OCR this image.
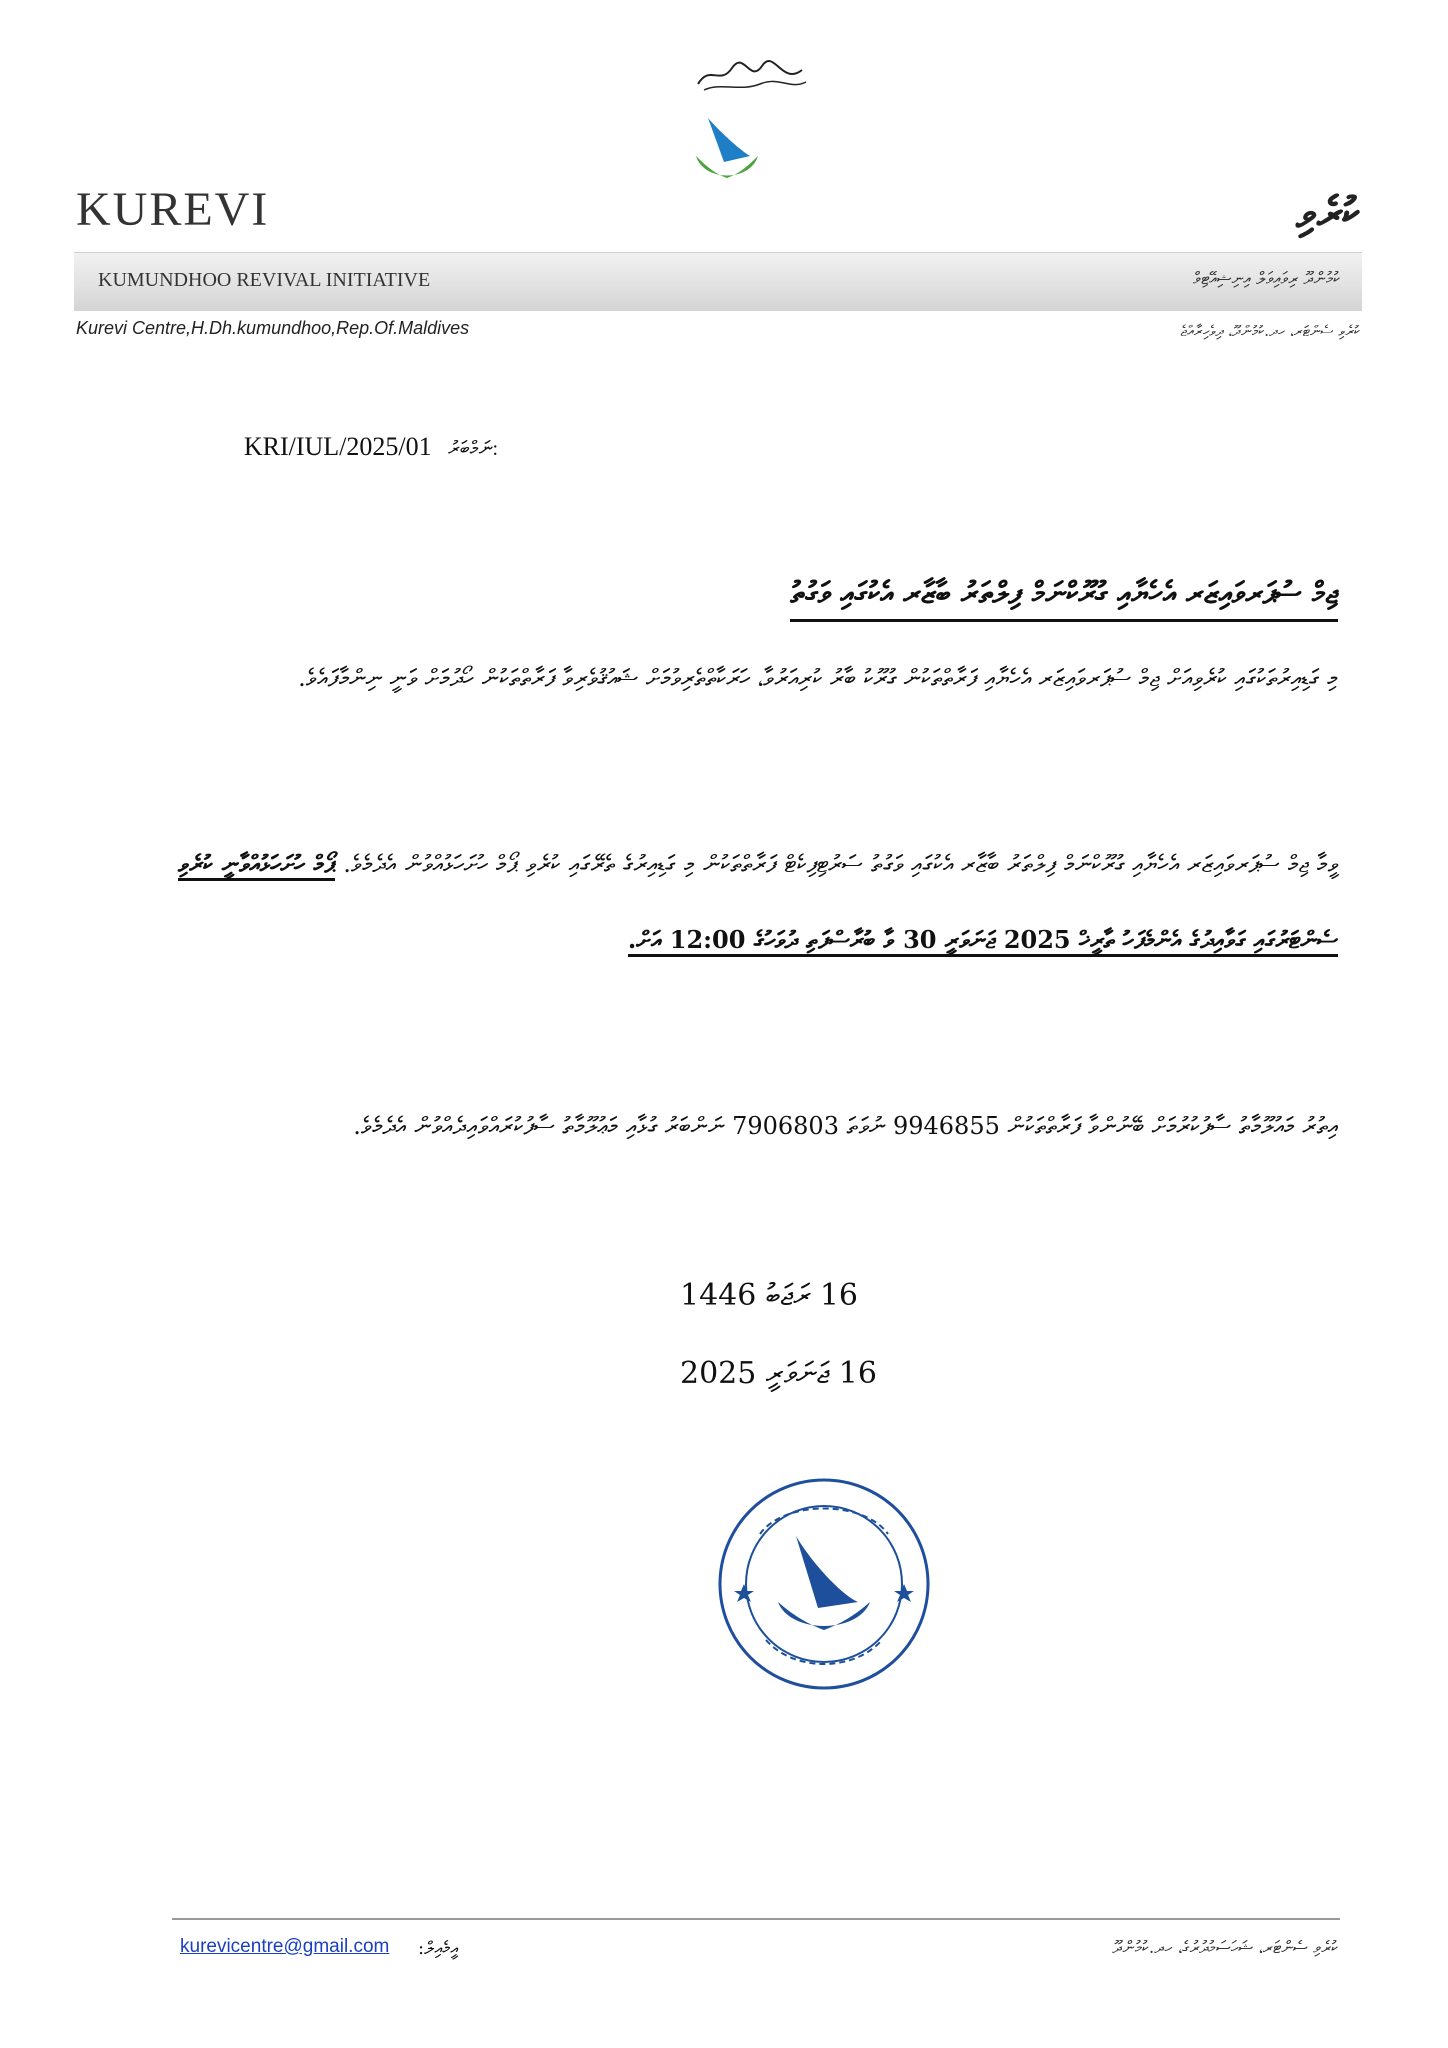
KUREVI	ކުރެވި
KUMUNDHOO REVIVAL INITIATIVE	ކުމުންދޫ ރިވައިވަލް އިނިޝިއޭޓިވް
Kurevi Centre,H.Dh.kumundhoo,Rep.Of.Maldives	ކުރެވި ސެންޓަރ، ހދ.ކުމުންދޫ، ދިވެހިރާއްޖެ
KRI/IUL/2025/01 ނަމްބަރު:
ޖިމް ސުޕަރވައިޒަރ އެހެޔާއި ގުރޫކްނަމް ފިލްތަރު ބާޒާރ އެކުގައި ވަގުތު
މި ގަޑިއިރުތަކުގައި ކުރެވިއަށް ޖިމް ސުޕަރވައިޒަރ އެހެޔާއި ފަރާތްތަކުން ގުރޫކު ބާރު ކުރިއަރުވާ، ހަރަކާތްތެރިވުމަށް ޝައުޤުވެރިވާ ފަރާތްތަކުން ހޯދުމަށް ވަނީ ނިންމާފައެވެ.
ވީމާ ޖިމް ސުޕަރވައިޒަރ އެހެޔާއި ގުރޫކްނަމް ފިލްތަރު ބާޒާރ އެކުގައި ވަގުތު ސަރުޓިފިކެޓް ފަރާތްތަކުން މި ގަޑިއިރުގެ ތެރޭގައި ކުރެވި ޕޯމް ހުށަހަޅުއްވުން އެދެމެވެ. ޕޯމް ހުށަހަޅުއްވާނީ ކުރެވި ސެންޓަރުގައި ގަވާއިދުގެ އެންމެފަހު ތާރީޚް 2025 ޖަނަވަރީ 30 ވާ ބުރާސްފަތި ދުވަހުގެ 12:00 އަށް.
އިތުރު މައުލޫމާތު ސާފުކުރުމަށް ބޭނުންވާ ފަރާތްތަކުން 9946855 ނުވަތަ 7906803 ނަންބަރު ގުޅާއި މަޢުލޫމާތު ސާފުކުރައްވައިދެއްވުން އެދެމެވެ.
16 ރަޖަބު 1446
16 ޖަނަވަރީ 2025
kurevicentre@gmail.com އީމެއިލް:	ކުރެވި ސެންޓަރ، ޝަހަސަމުދުރުގެ، ހދ.ކުމުންދޫ
